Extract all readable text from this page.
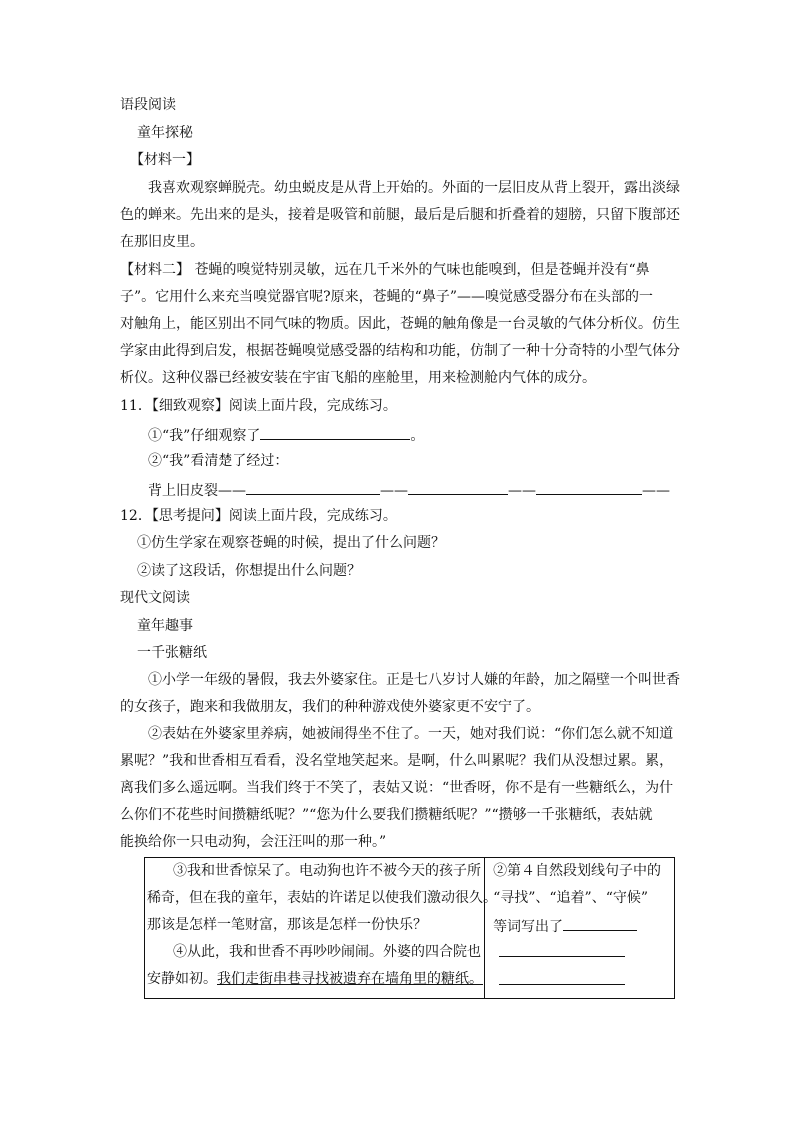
语段阅读
童年探秘
【材料一】
我喜欢观察蝉脱壳。幼虫蜕皮是从背上开始的。外面的一层旧皮从背上裂开，露出淡绿
色的蝉来。先出来的是头，接着是吸管和前腿，最后是后腿和折叠着的翅膀，只留下腹部还
在那旧皮里。
【材料二】 苍蝇的嗅觉特别灵敏，远在几千米外的气味也能嗅到，但是苍蝇并没有“鼻
子”。它用什么来充当嗅觉器官呢?原来，苍蝇的“鼻子”——嗅觉感受器分布在头部的一
对触角上，能区别出不同气味的物质。因此，苍蝇的触角像是一台灵敏的气体分析仪。仿生
学家由此得到启发，根据苍蝇嗅觉感受器的结构和功能，仿制了一种十分奇特的小型气体分
析仪。这种仪器已经被安装在宇宙飞船的座舱里，用来检测舱内气体的成分。
11．【细致观察】阅读上面片段，完成练习。
①“我”仔细观察了	。
②“我”看清楚了经过：
背上旧皮裂——	——	——	——
12．【思考提问】阅读上面片段，完成练习。
①仿生学家在观察苍蝇的时候，提出了什么问题？
②读了这段话，你想提出什么问题？
现代文阅读
童年趣事
一千张糖纸
①小学一年级的暑假，我去外婆家住。正是七八岁讨人嫌的年龄，加之隔壁一个叫世香
的女孩子，跑来和我做朋友，我们的种种游戏使外婆家更不安宁了。
②表姑在外婆家里养病，她被闹得坐不住了。一天，她对我们说：“你们怎么就不知道
累呢？”我和世香相互看看，没名堂地笑起来。是啊，什么叫累呢？我们从没想过累。累，
离我们多么遥远啊。当我们终于不笑了，表姑又说：“世香呀，你不是有一些糖纸么，为什
么你们不花些时间攒糖纸呢？”“您为什么要我们攒糖纸呢？”“攒够一千张糖纸，表姑就
能换给你一只电动狗，会汪汪叫的那一种。”
③我和世香惊呆了。电动狗也许不被今天的孩子所
稀奇，但在我的童年，表姑的许诺足以使我们激动很久。
那该是怎样一笔财富，那该是怎样一份快乐？
④从此，我和世香不再吵吵闹闹。外婆的四合院也
安静如初。我们走街串巷寻找被遗弃在墙角里的糖纸。

②第４自然段划线句子中的
“寻找”、“追着”、“守候”
等词写出了
